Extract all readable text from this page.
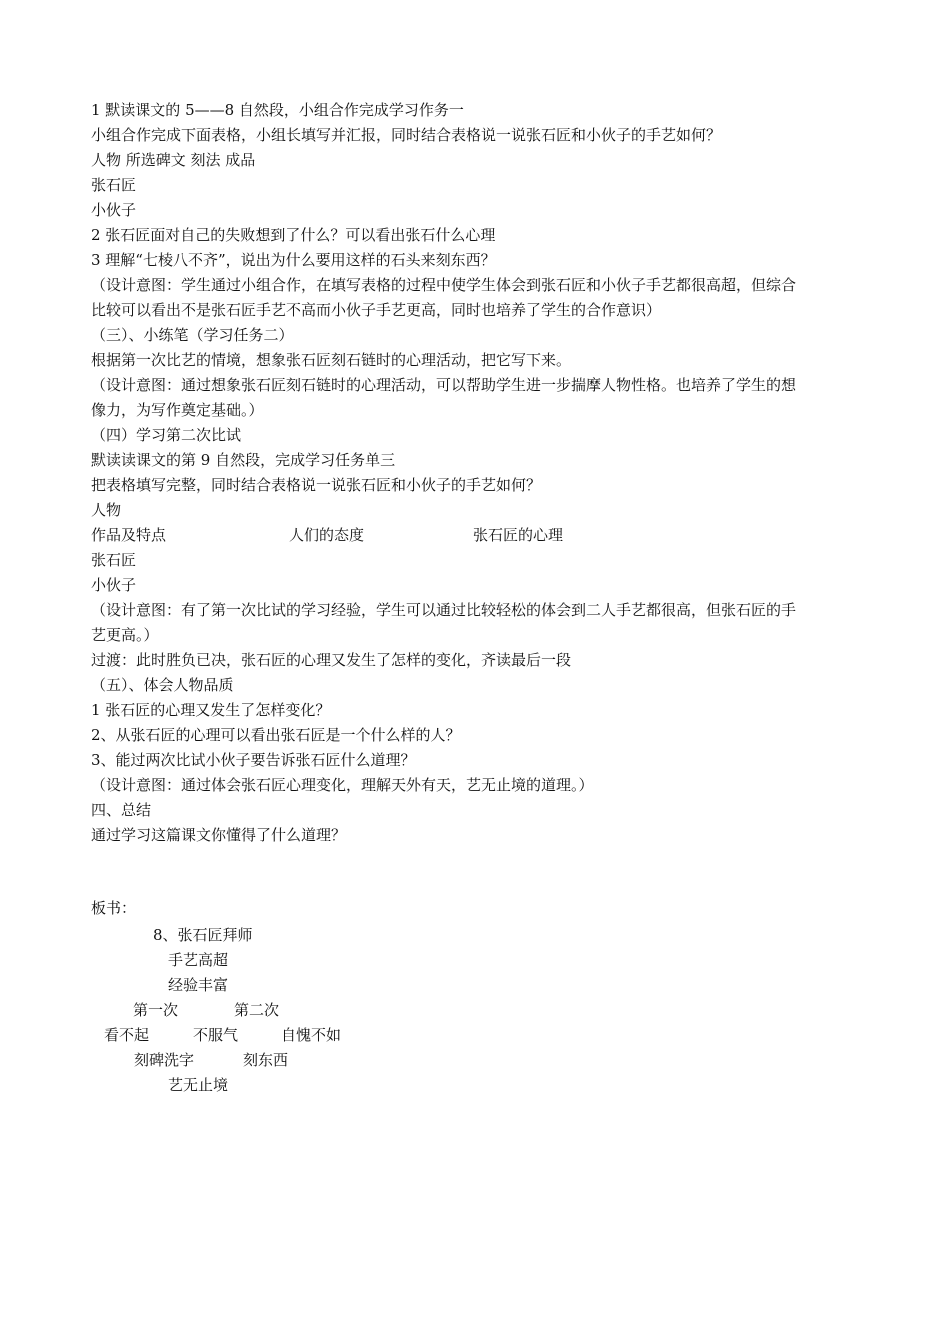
1 默读课文的 5——8 自然段，小组合作完成学习作务一
小组合作完成下面表格，小组长填写并汇报，同时结合表格说一说张石匠和小伙子的手艺如何？
人物 所选碑文 刻法 成品
张石匠
小伙子
2 张石匠面对自己的失败想到了什么？可以看出张石什么心理
3 理解“七棱八不齐”，说出为什么要用这样的石头来刻东西？
（设计意图：学生通过小组合作，在填写表格的过程中使学生体会到张石匠和小伙子手艺都很高超，但综合
比较可以看出不是张石匠手艺不高而小伙子手艺更高，同时也培养了学生的合作意识）
（三）、小练笔（学习任务二）
根据第一次比艺的情境，想象张石匠刻石链时的心理活动，把它写下来。
（设计意图：通过想象张石匠刻石链时的心理活动，可以帮助学生进一步揣摩人物性格。也培养了学生的想
像力，为写作奠定基础。）
（四）学习第二次比试
默读读课文的第 9 自然段，完成学习任务单三
把表格填写完整，同时结合表格说一说张石匠和小伙子的手艺如何？
人物
作品及特点	人们的态度	张石匠的心理
张石匠
小伙子
（设计意图：有了第一次比试的学习经验，学生可以通过比较轻松的体会到二人手艺都很高，但张石匠的手
艺更高。）
过渡：此时胜负已决，张石匠的心理又发生了怎样的变化，齐读最后一段
（五）、体会人物品质
1 张石匠的心理又发生了怎样变化？
2、从张石匠的心理可以看出张石匠是一个什么样的人？
3、能过两次比试小伙子要告诉张石匠什么道理？
（设计意图：通过体会张石匠心理变化，理解天外有天，艺无止境的道理。）
四、总结
通过学习这篇课文你懂得了什么道理？
板书：
8、张石匠拜师
手艺高超
经验丰富
第一次	第二次
看不起	不服气	自愧不如
刻碑洗字	刻东西
艺无止境
